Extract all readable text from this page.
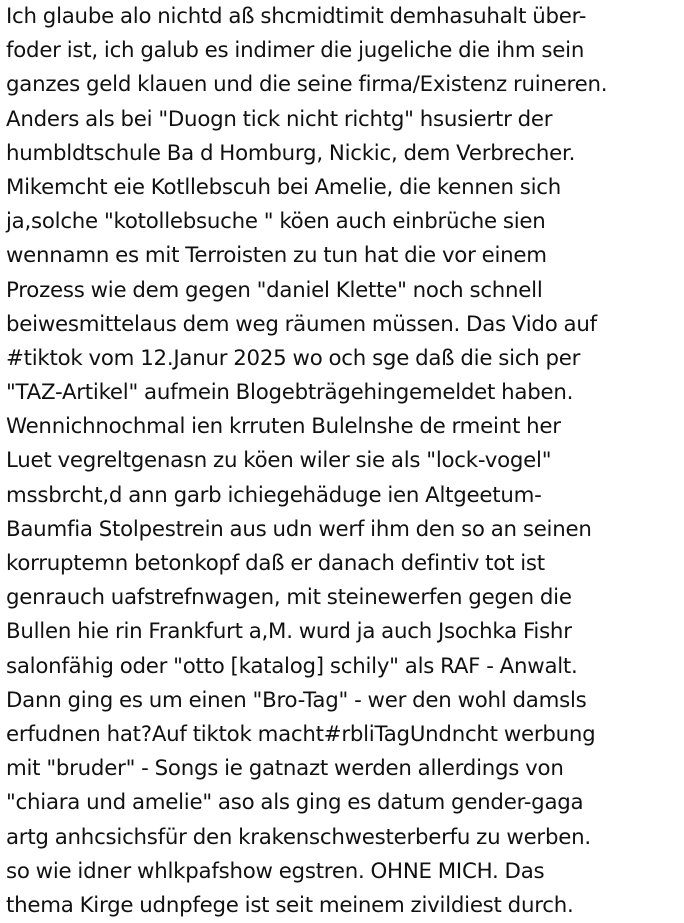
Ich glaube alo nichtd aß shcmidtimit demhasuhalt über-
foder ist, ich galub es indimer die jugeliche die ihm sein
ganzes geld klauen und die seine firma/Existenz ruineren.
Anders als bei "Duogn tick nicht richtg" hsusiertr der
humbldtschule Ba d Homburg, Nickic, dem Verbrecher.
Mikemcht eie Kotllebscuh bei Amelie, die kennen sich
ja,solche "kotollebsuche " köen auch einbrüche sien
wennamn es mit Terroisten zu tun hat die vor einem
Prozess wie dem gegen "daniel Klette" noch schnell
beiwesmittelaus dem weg räumen müssen. Das Vido auf
#tiktok vom 12.Janur 2025 wo och sge daß die sich per
"TAZ-Artikel" aufmein Blogebträgehingemeldet haben.
Wennichnochmal ien krruten Bulelnshe de rmeint her
Luet vegreltgenasn zu köen wiler sie als "lock-vogel"
mssbrcht,d ann garb ichiegehäduge ien Altgeetum-
Baumfia Stolpestrein aus udn werf ihm den so an seinen
korruptemn betonkopf daß er danach defintiv tot ist
genrauch uafstrefnwagen, mit steinewerfen gegen die
Bullen hie rin Frankfurt a,M. wurd ja auch Jsochka Fishr
salonfähig oder "otto [katalog] schily" als RAF - Anwalt.
Dann ging es um einen "Bro-Tag" - wer den wohl damsls
erfudnen hat?Auf tiktok macht#rbliTagUndncht werbung
mit "bruder" - Songs ie gatnazt werden allerdings von
"chiara und amelie" aso als ging es datum gender-gaga
artg anhcsichsfür den krakenschwesterberfu zu werben.
so wie idner whlkpafshow egstren. OHNE MICH. Das
thema Kirge udnpfege ist seit meinem zivildiest durch.
